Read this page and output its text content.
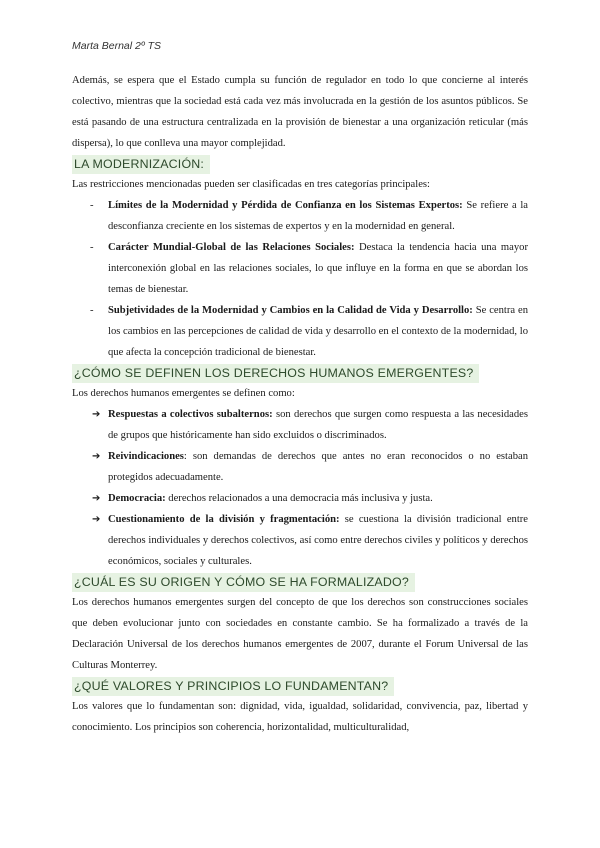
Marta Bernal 2º TS

Además, se espera que el Estado cumpla su función de regulador en todo lo que concierne al interés colectivo, mientras que la sociedad está cada vez más involucrada en la gestión de los asuntos públicos. Se está pasando de una estructura centralizada en la provisión de bienestar a una organización reticular (más dispersa), lo que conlleva una mayor complejidad.

LA MODERNIZACIÓN:

Las restricciones mencionadas pueden ser clasificadas en tres categorías principales:

- Límites de la Modernidad y Pérdida de Confianza en los Sistemas Expertos: Se refiere a la desconfianza creciente en los sistemas de expertos y en la modernidad en general.
- Carácter Mundial-Global de las Relaciones Sociales: Destaca la tendencia hacia una mayor interconexión global en las relaciones sociales, lo que influye en la forma en que se abordan los temas de bienestar.
- Subjetividades de la Modernidad y Cambios en la Calidad de Vida y Desarrollo: Se centra en los cambios en las percepciones de calidad de vida y desarrollo en el contexto de la modernidad, lo que afecta la concepción tradicional de bienestar.
¿CÓMO SE DEFINEN LOS DERECHOS HUMANOS EMERGENTES?

Los derechos humanos emergentes se definen como:

➔ Respuestas a colectivos subalternos: son derechos que surgen como respuesta a las necesidades de grupos que históricamente han sido excluidos o discriminados.
➔ Reivindicaciones: son demandas de derechos que antes no eran reconocidos o no estaban protegidos adecuadamente.
➔ Democracia: derechos relacionados a una democracia más inclusiva y justa.
➔ Cuestionamiento de la división y fragmentación: se cuestiona la división tradicional entre derechos individuales y derechos colectivos, así como entre derechos civiles y políticos y derechos económicos, sociales y culturales.
¿CUÁL ES SU ORIGEN Y CÓMO SE HA FORMALIZADO?

Los derechos humanos emergentes surgen del concepto de que los derechos son construcciones sociales que deben evolucionar junto con sociedades en constante cambio. Se ha formalizado a través de la Declaración Universal de los derechos humanos emergentes de 2007, durante el Forum Universal de las Culturas Monterrey.

¿QUÉ VALORES Y PRINCIPIOS LO FUNDAMENTAN?

Los valores que lo fundamentan son: dignidad, vida, igualdad, solidaridad, convivencia, paz, libertad y conocimiento. Los principios son coherencia, horizontalidad, multiculturalidad,
